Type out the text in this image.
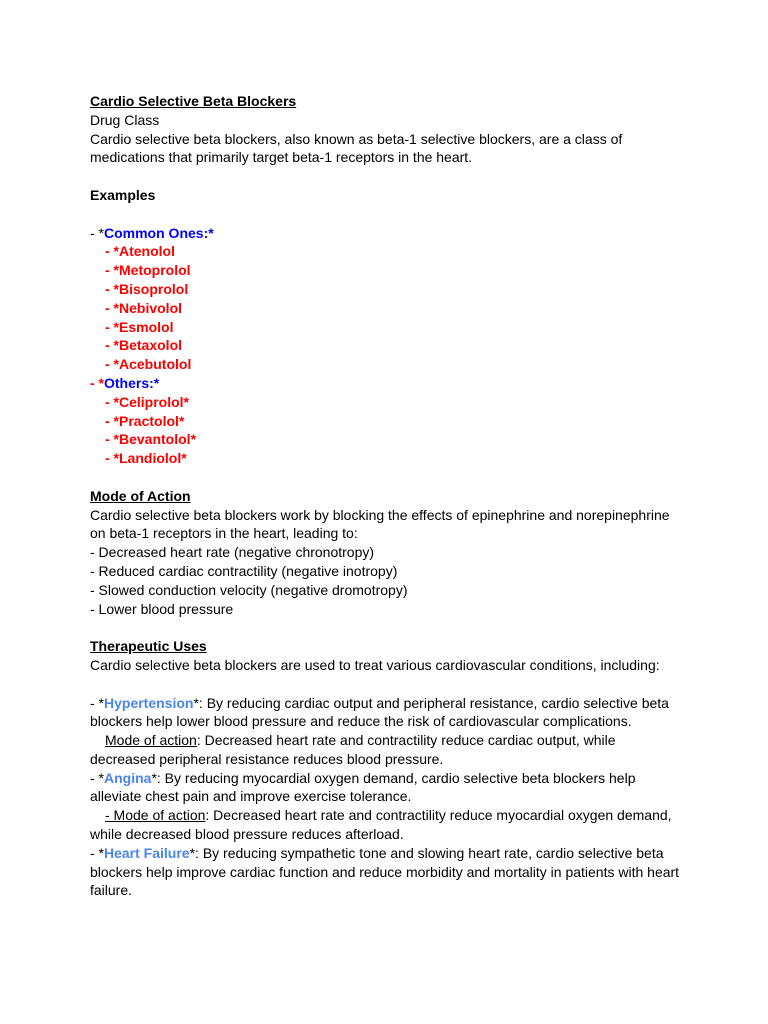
Cardio Selective Beta Blockers
Drug Class
Cardio selective beta blockers, also known as beta-1 selective blockers, are a class of
medications that primarily target beta-1 receptors in the heart.
Examples
- *Common Ones:*
- *Atenolol
- *Metoprolol
- *Bisoprolol
- *Nebivolol
- *Esmolol
- *Betaxolol
- *Acebutolol
- *Others:*
- *Celiprolol*
- *Practolol*
- *Bevantolol*
- *Landiolol*
Mode of Action
Cardio selective beta blockers work by blocking the effects of epinephrine and norepinephrine
on beta-1 receptors in the heart, leading to:
- Decreased heart rate (negative chronotropy)
- Reduced cardiac contractility (negative inotropy)
- Slowed conduction velocity (negative dromotropy)
- Lower blood pressure
Therapeutic Uses
Cardio selective beta blockers are used to treat various cardiovascular conditions, including:
- *Hypertension*: By reducing cardiac output and peripheral resistance, cardio selective beta
blockers help lower blood pressure and reduce the risk of cardiovascular complications.
Mode of action: Decreased heart rate and contractility reduce cardiac output, while
decreased peripheral resistance reduces blood pressure.
- *Angina*: By reducing myocardial oxygen demand, cardio selective beta blockers help
alleviate chest pain and improve exercise tolerance.
- Mode of action: Decreased heart rate and contractility reduce myocardial oxygen demand,
while decreased blood pressure reduces afterload.
- *Heart Failure*: By reducing sympathetic tone and slowing heart rate, cardio selective beta
blockers help improve cardiac function and reduce morbidity and mortality in patients with heart
failure.
